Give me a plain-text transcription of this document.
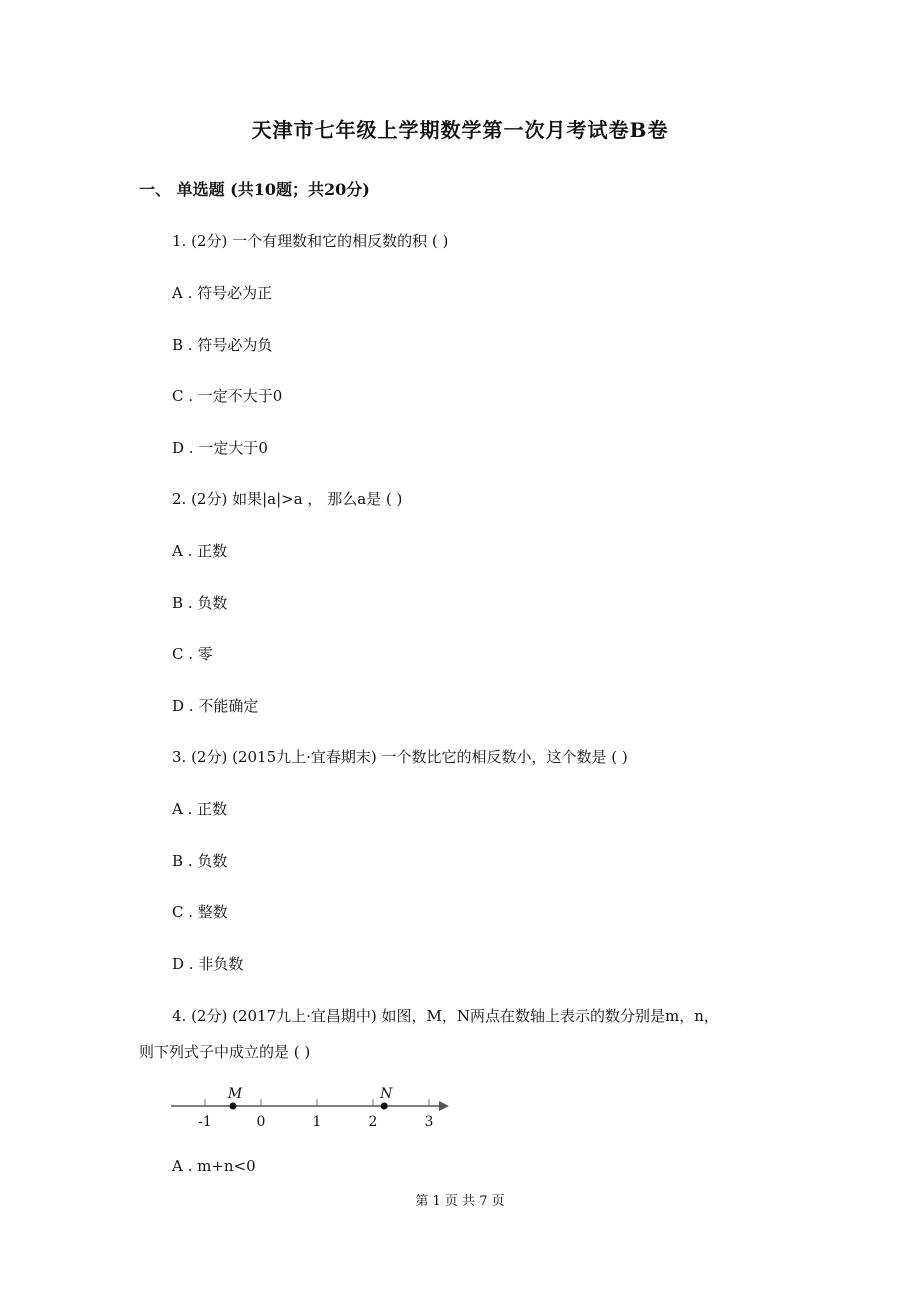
天津市七年级上学期数学第一次月考试卷B卷
一、 单选题 (共10题；共20分)
1. (2分) 一个有理数和它的相反数的积 ( )
A . 符号必为正
B . 符号必为负
C . 一定不大于0
D . 一定大于0
2. (2分) 如果|a|>a ， 那么a是 ( )
A . 正数
B . 负数
C . 零
D . 不能确定
3. (2分) (2015九上·宜春期末) 一个数比它的相反数小，这个数是 ( )
A . 正数
B . 负数
C . 整数
D . 非负数
4. (2分) (2017九上·宜昌期中) 如图，M，N两点在数轴上表示的数分别是m，n，
则下列式子中成立的是 ( )
-1	0	1	2	3
M	N
A . m+n<0
第 1 页 共 7 页
